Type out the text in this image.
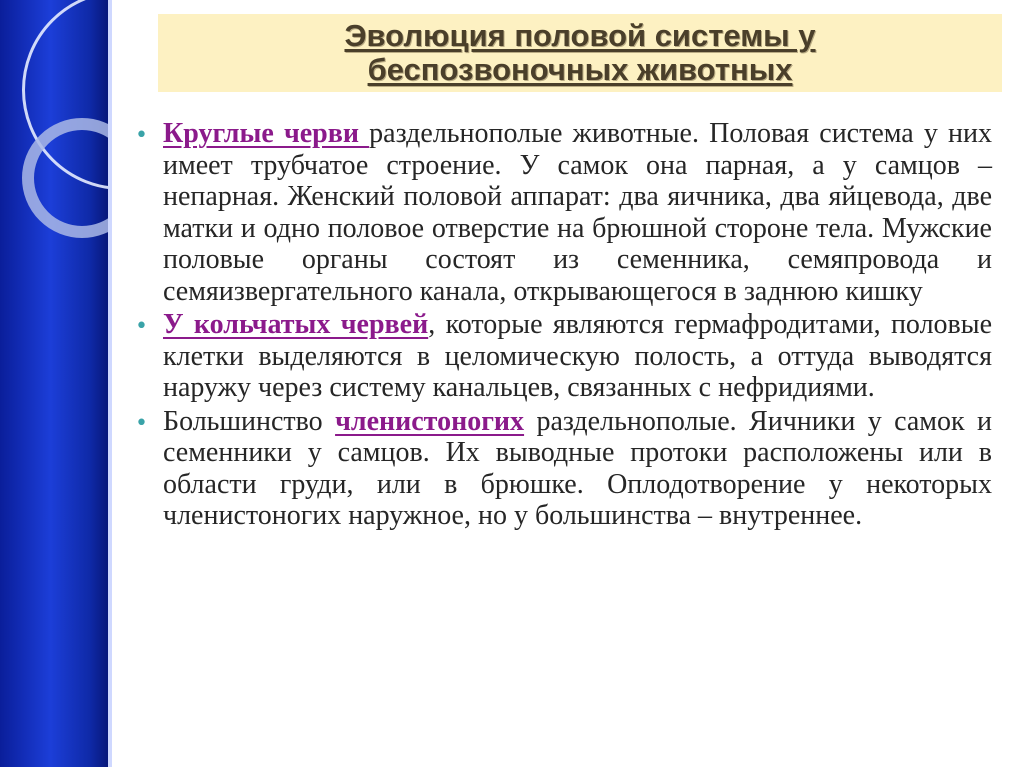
Эволюция половой системы у
беспозвоночных животных
• Круглые черви раздельнополые животные. Половая система у них имеет трубчатое строение. У самок она парная, а у самцов – непарная. Женский половой аппарат: два яичника, два яйцевода, две матки и одно половое отверстие на брюшной стороне тела. Мужские половые органы состоят из семенника, семяпровода и семяизвергательного канала, открывающегося в заднюю кишку
• У кольчатых червей, которые являются гермафродитами, половые клетки выделяются в целомическую полость, а оттуда выводятся наружу через систему канальцев, связанных с нефридиями.
• Большинство членистоногих раздельнополые. Яичники у самок и семенники у самцов. Их выводные протоки расположены или в области груди, или в брюшке. Оплодотворение у некоторых членистоногих наружное, но у большинства – внутреннее.
